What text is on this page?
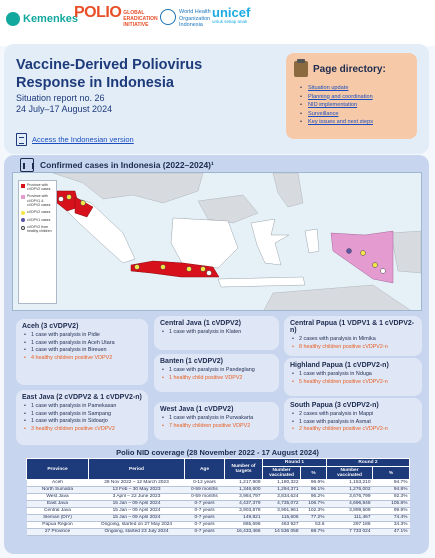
Kemenkes
POLIO GLOBAL
ERADICATION
INITIATIVE
World Health
Organization
Indonesia
unicef
untuk setiap anak
Vaccine-Derived Poliovirus Response in Indonesia
Situation report no. 26
24 July–17 August 2024
Access the Indonesian version
Page directory:
• Situation update
• Planning and coordination
• NID implementation
• Surveillance
• Key issues and next steps
Confirmed cases in Indonesia (2022–2024)¹
Province with cVDPV2 cases
Province with cVDPV1 & cVDPV2 cases
cVDPV2 cases
cVDPV1 cases
cVDPV2 from healthy children
Aceh (3 cVDPV2)
• 1 case with paralysis in Pidie
• 1 case with paralysis in Aceh Utara
• 1 case with paralysis in Bireuen
• 4 healthy children positive VDPV2
East Java (2 cVDPV2 & 1 cVDPV2-n)
• 1 case with paralysis in Pamekasan
• 1 case with paralysis in Sampang
• 1 case with paralysis in Sidoarjo
• 3 healthy children positive cVDPV2
Central Java (1 cVDPV2)
• 1 case with paralysis in Klaten
Banten (1 cVDPV2)
• 1 case with paralysis in Pandeglang
• 1 healthy child positive VDPV2
West Java (1 cVDPV2)
• 1 case with paralysis in Purwakarta
• 7 healthy children positive VDPV2
Central Papua (1 VDPV1 & 1 cVDPV2-n)
• 2 cases with paralysis in Mimika
• 8 healthy children positive cVDPV2-n
Highland Papua (1 cVDPV2-n)
• 1 case with paralysis in Nduga
• 5 healthy children positive cVDPV2-n
South Papua (3 cVDPV2-n)
• 2 cases with paralysis in Mappi
• 1 case with paralysis in Asmat
• 2 healthy children positive cVDPV2-n
Polio NID coverage (28 November 2022 - 17 August 2024)
Province	Period	Age	Number of targets	Round 1		Round 2	
				Number vaccinated	%	Number vaccinated	%
Aceh	28 Nov 2022 – 12 March 2023	0-12 years	1,217,909	1,180,322	96.9%	1,153,210	94.7%
North Sumatra	13 Feb – 30 May 2023	0-59 months	1,346,600	1,294,371	96.1%	1,276,002	94.8%
West Java	3 April – 22 June 2023	0-59 months	3,984,797	3,834,624	96.2%	3,676,799	92.3%
East Java	15 Jan – 09 April 2024	0-7 years	4,437,379	4,735,072	106.7%	4,696,848	105.8%
Central Java	15 Jan – 09 April 2024	0-7 years	3,903,878	3,991,961	102.3%	3,899,509	99.9%
Sleman (DIY)	15 Jan – 09 April 2024	0-7 years	149,821	115,606	77.2%	111,467	74.4%
Papua Region	Ongoing, started on 27 May 2024	0-7 years	865,696	463 927	53.6	297 186	34.3%
27 Province	Ongoing, started 23 July 2024	0-7 years	16,433,466	14 536 058	88.7%	7 733 024	47.1%
